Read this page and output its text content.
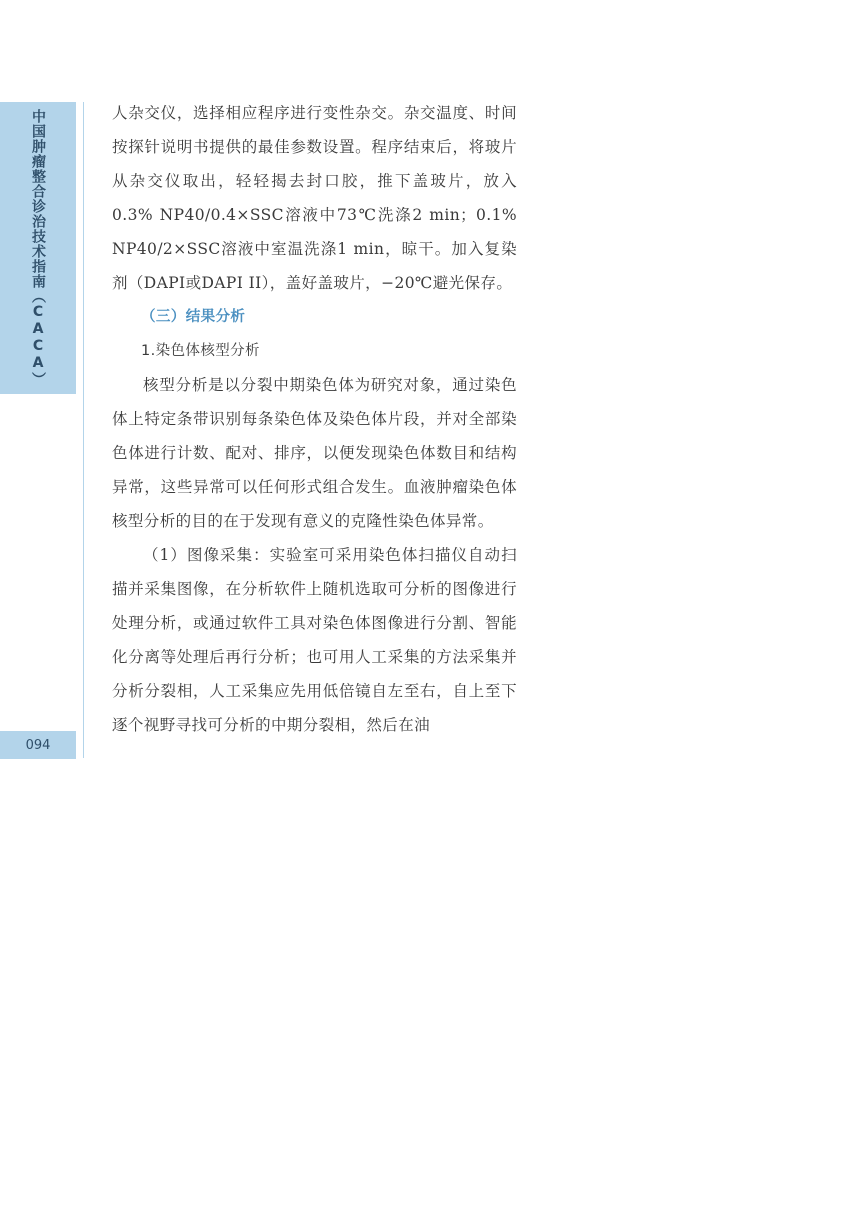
中国肿瘤整合诊治技术指南（CACA）
094

人杂交仪，选择相应程序进行变性杂交。杂交温度、时间按探针说明书提供的最佳参数设置。程序结束后，将玻片从杂交仪取出，轻轻揭去封口胶，推下盖玻片，放入0.3% NP40/0.4×SSC溶液中73℃洗涤2 min；0.1% NP40/2×SSC溶液中室温洗涤1 min，晾干。加入复染剂（DAPI或DAPI II），盖好盖玻片，−20℃避光保存。

（三）结果分析

1.染色体核型分析

核型分析是以分裂中期染色体为研究对象，通过染色体上特定条带识别每条染色体及染色体片段，并对全部染色体进行计数、配对、排序，以便发现染色体数目和结构异常，这些异常可以任何形式组合发生。血液肿瘤染色体核型分析的目的在于发现有意义的克隆性染色体异常。

（1）图像采集：实验室可采用染色体扫描仪自动扫描并采集图像，在分析软件上随机选取可分析的图像进行处理分析，或通过软件工具对染色体图像进行分割、智能化分离等处理后再行分析；也可用人工采集的方法采集并分析分裂相，人工采集应先用低倍镜自左至右，自上至下逐个视野寻找可分析的中期分裂相，然后在油
